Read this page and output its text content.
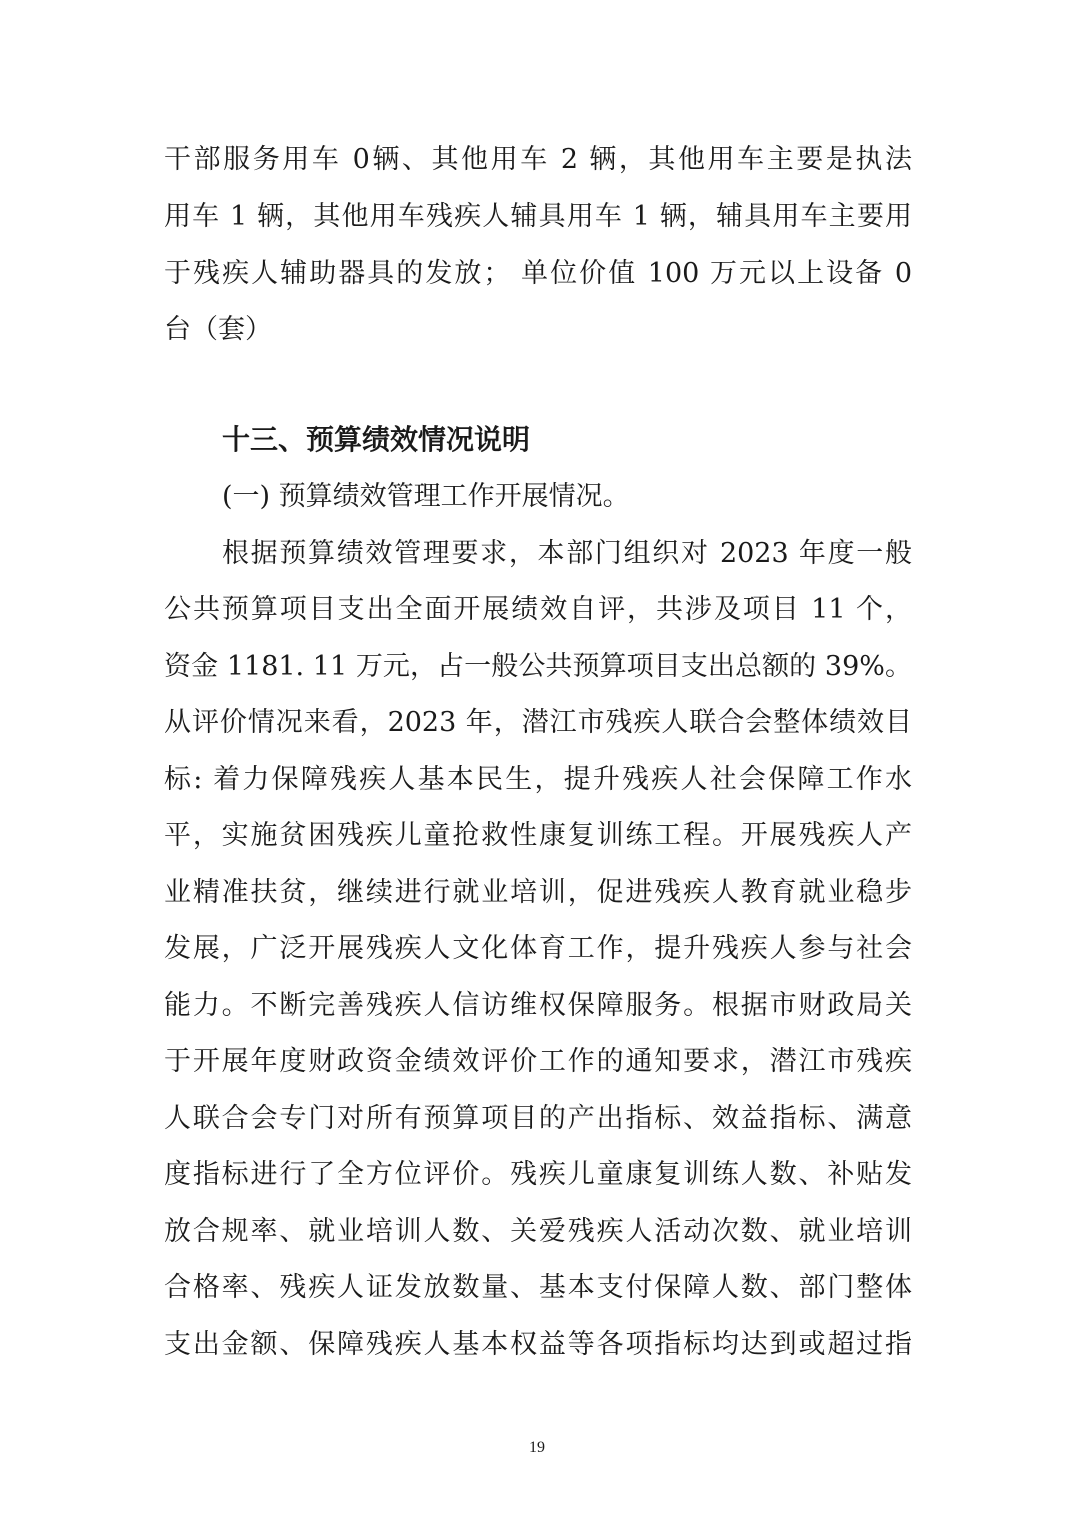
干部服务用车 0辆、其他用车 2 辆，其他用车主要是执法
用车 1 辆，其他用车残疾人辅具用车 1 辆，辅具用车主要用
于残疾人辅助器具的发放； 单位价值 100 万元以上设备 0
台（套）
十三、预算绩效情况说明
(一) 预算绩效管理工作开展情况。
根据预算绩效管理要求，本部门组织对 2023 年度一般
公共预算项目支出全面开展绩效自评，共涉及项目 11 个，
资金 1181. 11 万元，占一般公共预算项目支出总额的 39%。
从评价情况来看，2023 年，潜江市残疾人联合会整体绩效目
标: 着力保障残疾人基本民生，提升残疾人社会保障工作水
平，实施贫困残疾儿童抢救性康复训练工程。开展残疾人产
业精准扶贫，继续进行就业培训，促进残疾人教育就业稳步
发展，广泛开展残疾人文化体育工作，提升残疾人参与社会
能力。不断完善残疾人信访维权保障服务。根据市财政局关
于开展年度财政资金绩效评价工作的通知要求，潜江市残疾
人联合会专门对所有预算项目的产出指标、效益指标、满意
度指标进行了全方位评价。残疾儿童康复训练人数、补贴发
放合规率、就业培训人数、关爱残疾人活动次数、就业培训
合格率、残疾人证发放数量、基本支付保障人数、部门整体
支出金额、保障残疾人基本权益等各项指标均达到或超过指
19
